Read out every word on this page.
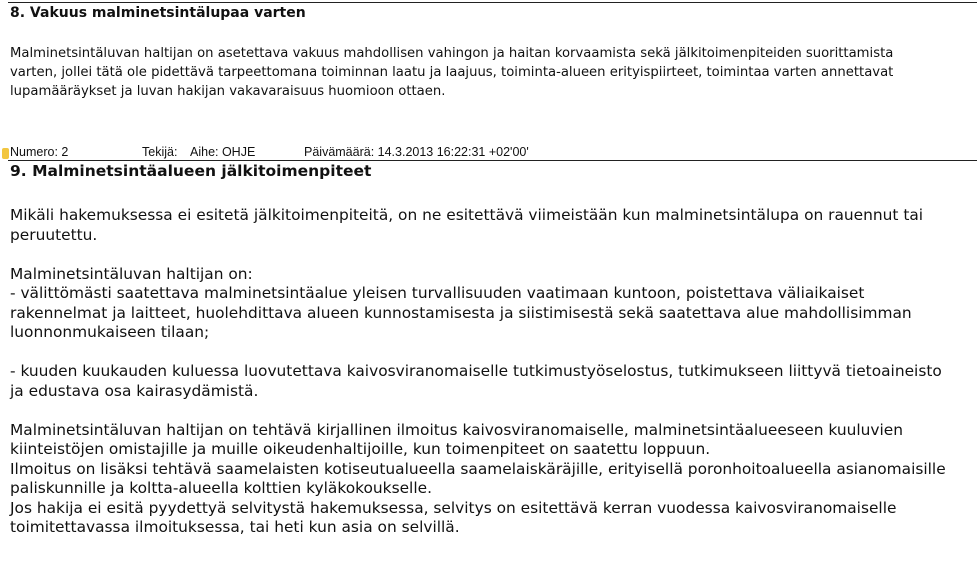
8. Vakuus malminetsintälupaa varten

Malminetsintäluvan haltijan on asetettava vakuus mahdollisen vahingon ja haitan korvaamista sekä jälkitoimenpiteiden suorittamista

varten, jollei tätä ole pidettävä tarpeettomana toiminnan laatu ja laajuus, toiminta-alueen erityispiirteet, toimintaa varten annettavat

lupamääräykset ja luvan hakijan vakavaraisuus huomioon ottaen.

Numero: 2	Tekijä: Aihe: OHJE	Päivämäärä: 14.3.2013 16:22:31 +02'00'
9. Malminetsintäalueen jälkitoimenpiteet

Mikäli hakemuksessa ei esitetä jälkitoimenpiteitä, on ne esitettävä viimeistään kun malminetsintälupa on rauennut tai

peruutettu.

Malminetsintäluvan haltijan on:

- välittömästi saatettava malminetsintäalue yleisen turvallisuuden vaatimaan kuntoon, poistettava väliaikaiset

rakennelmat ja laitteet, huolehdittava alueen kunnostamisesta ja siistimisestä sekä saatettava alue mahdollisimman

luonnonmukaiseen tilaan;

- kuuden kuukauden kuluessa luovutettava kaivosviranomaiselle tutkimustyöselostus, tutkimukseen liittyvä tietoaineisto

ja edustava osa kairasydämistä.

Malminetsintäluvan haltijan on tehtävä kirjallinen ilmoitus kaivosviranomaiselle, malminetsintäalueeseen kuuluvien

kiinteistöjen omistajille ja muille oikeudenhaltijoille, kun toimenpiteet on saatettu loppuun.

Ilmoitus on lisäksi tehtävä saamelaisten kotiseutualueella saamelaiskäräjille, erityisellä poronhoitoalueella asianomaisille

paliskunnille ja koltta-alueella kolttien kyläkokoukselle.

Jos hakija ei esitä pyydettyä selvitystä hakemuksessa, selvitys on esitettävä kerran vuodessa kaivosviranomaiselle

toimitettavassa ilmoituksessa, tai heti kun asia on selvillä.
